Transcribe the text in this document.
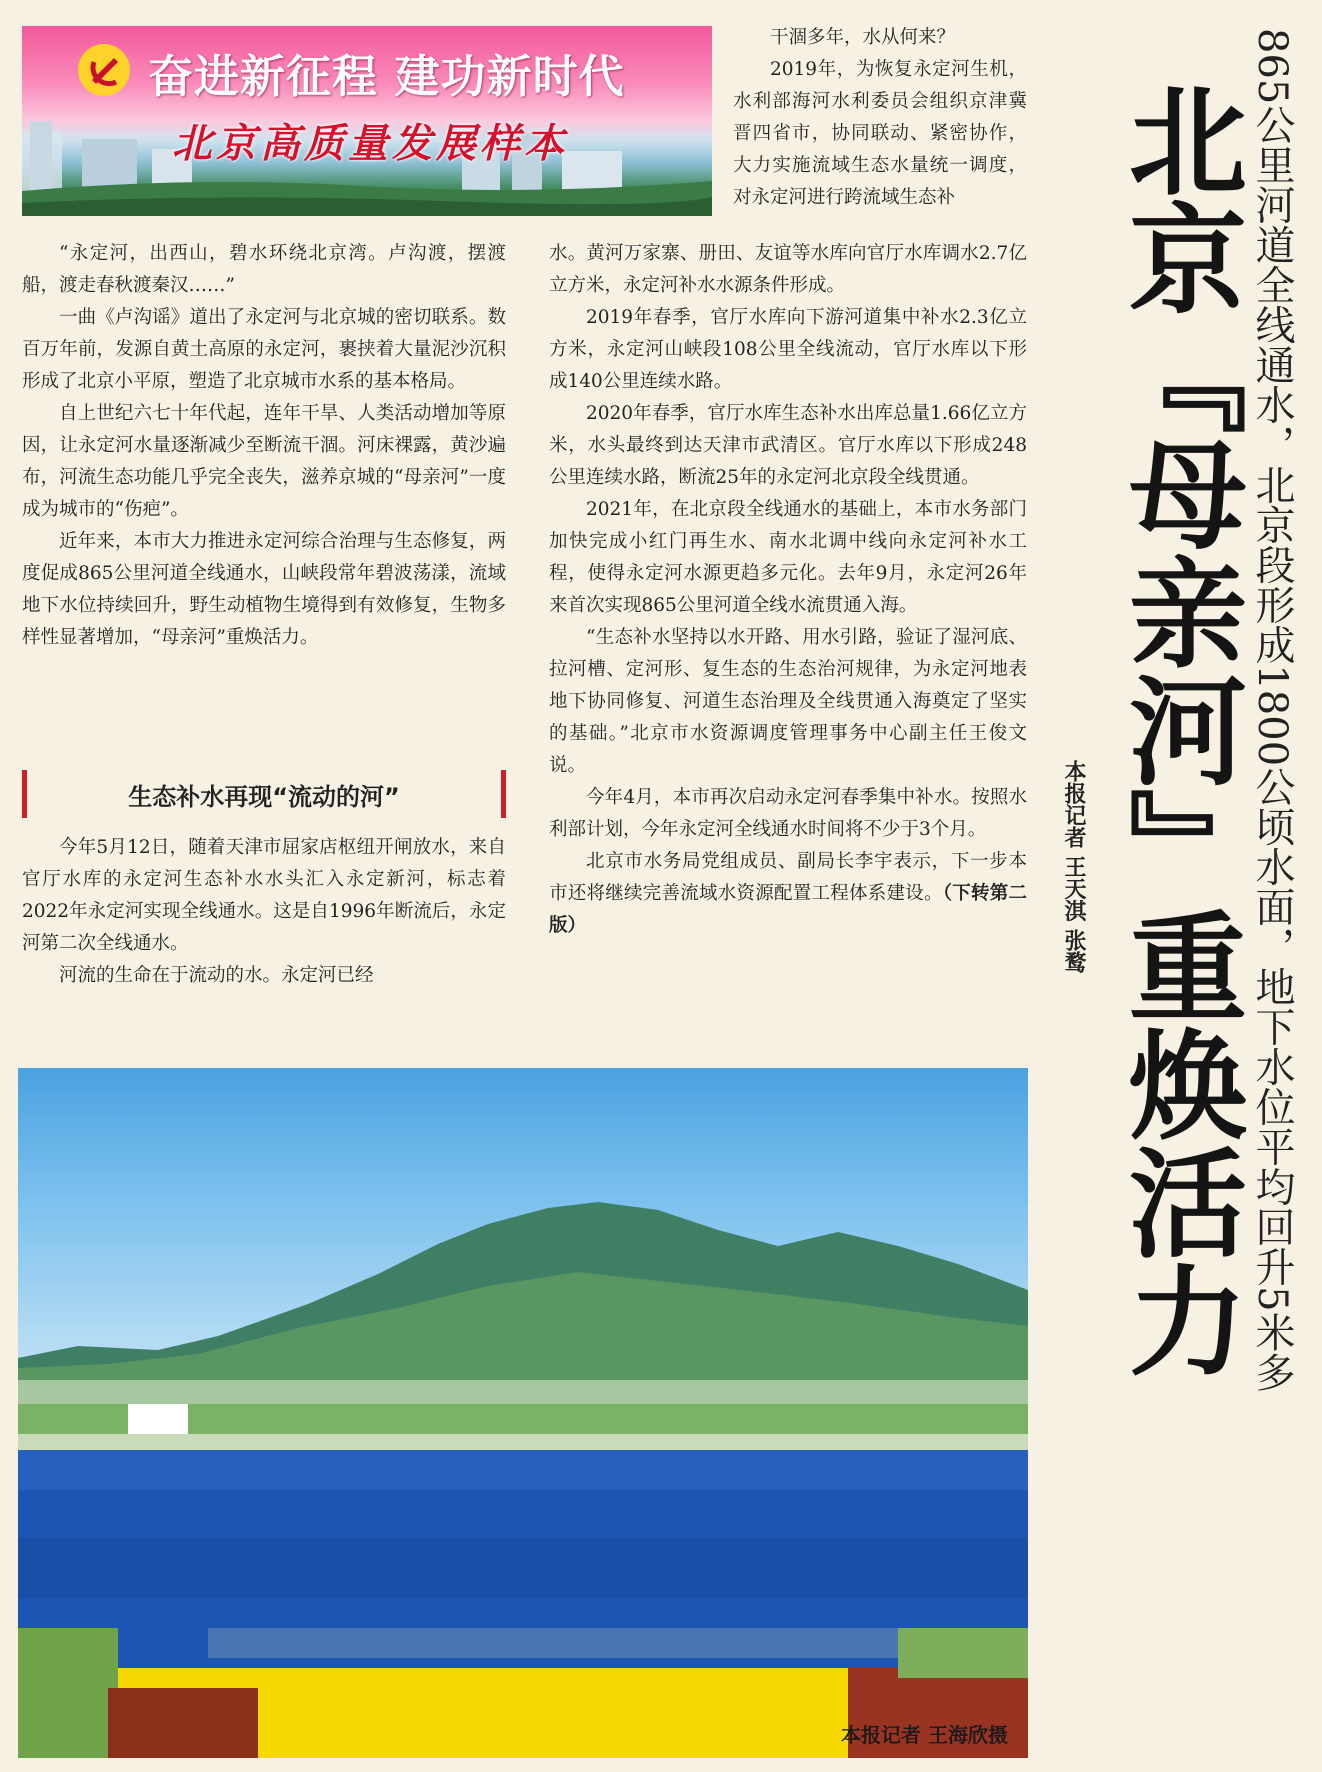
奋进新征程 建功新时代
北京高质量发展样本

干涸多年，水从何来？

2019年，为恢复永定河生机，水利部海河水利委员会组织京津冀晋四省市，协同联动、紧密协作，大力实施流域生态水量统一调度，对永定河进行跨流域生态补

“永定河，出西山，碧水环绕北京湾。卢沟渡，摆渡船，渡走春秋渡秦汉……”

一曲《卢沟谣》道出了永定河与北京城的密切联系。数百万年前，发源自黄土高原的永定河，裹挟着大量泥沙沉积形成了北京小平原，塑造了北京城市水系的基本格局。

自上世纪六七十年代起，连年干旱、人类活动增加等原因，让永定河水量逐渐减少至断流干涸。河床裸露，黄沙遍布，河流生态功能几乎完全丧失，滋养京城的“母亲河”一度成为城市的“伤疤”。

近年来，本市大力推进永定河综合治理与生态修复，两度促成865公里河道全线通水，山峡段常年碧波荡漾，流域地下水位持续回升，野生动植物生境得到有效修复，生物多样性显著增加，“母亲河”重焕活力。

生态补水再现“流动的河”

今年5月12日，随着天津市屈家店枢纽开闸放水，来自官厅水库的永定河生态补水水头汇入永定新河，标志着2022年永定河实现全线通水。这是自1996年断流后，永定河第二次全线通水。

河流的生命在于流动的水。永定河已经

水。黄河万家寨、册田、友谊等水库向官厅水库调水2.7亿立方米，永定河补水水源条件形成。

2019年春季，官厅水库向下游河道集中补水2.3亿立方米，永定河山峡段108公里全线流动，官厅水库以下形成140公里连续水路。

2020年春季，官厅水库生态补水出库总量1.66亿立方米，水头最终到达天津市武清区。官厅水库以下形成248公里连续水路，断流25年的永定河北京段全线贯通。

2021年，在北京段全线通水的基础上，本市水务部门加快完成小红门再生水、南水北调中线向永定河补水工程，使得永定河水源更趋多元化。去年9月，永定河26年来首次实现865公里河道全线水流贯通入海。

“生态补水坚持以水开路、用水引路，验证了湿河底、拉河槽、定河形、复生态的生态治河规律，为永定河地表地下协同修复、河道生态治理及全线贯通入海奠定了坚实的基础。”北京市水资源调度管理事务中心副主任王俊文说。

今年4月，本市再次启动永定河春季集中补水。按照水利部计划，今年永定河全线通水时间将不少于3个月。

北京市水务局党组成员、副局长李宇表示，下一步本市还将继续完善流域水资源配置工程体系建设。（下转第二版）	本报记者 王天淇 张鹜 北京『母亲河』重焕活力 865公里河道全线通水，北京段形成1800公顷水面，地下水位平均回升5米多
本报记者 王海欣摄
